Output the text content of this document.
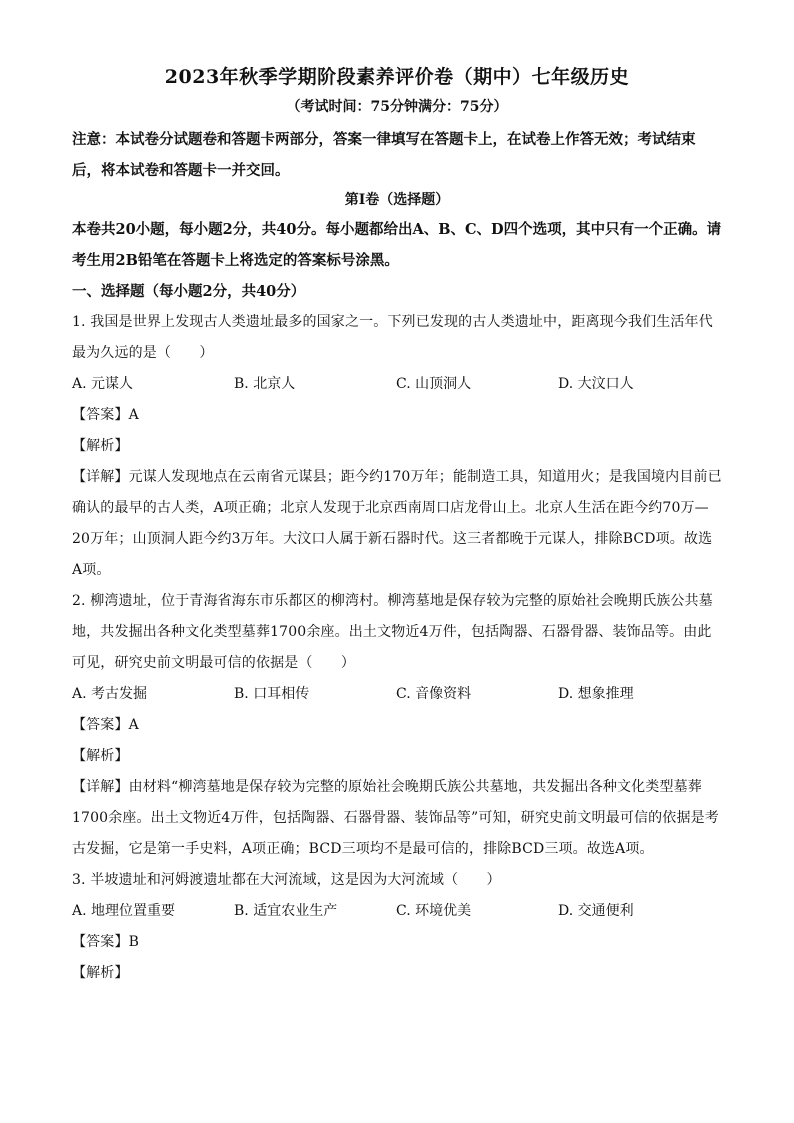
2023年秋季学期阶段素养评价卷（期中）七年级历史
（考试时间：75分钟满分：75分）

注意：本试卷分试题卷和答题卡两部分，答案一律填写在答题卡上，在试卷上作答无效；考试结束后，将本试卷和答题卡一并交回。

第Ⅰ卷（选择题）

本卷共20小题，每小题2分，共40分。每小题都给出A、B、C、D四个选项，其中只有一个正确。请考生用2B铅笔在答题卡上将选定的答案标号涂黑。

一、选择题（每小题2分，共40分）

1. 我国是世界上发现古人类遗址最多的国家之一。下列已发现的古人类遗址中，距离现今我们生活年代最为久远的是（　　）

A. 元谋人	B. 北京人	C. 山顶洞人	D. 大汶口人

【答案】A

【解析】

【详解】元谋人发现地点在云南省元谋县；距今约170万年；能制造工具，知道用火；是我国境内目前已确认的最早的古人类，A项正确；北京人发现于北京西南周口店龙骨山上。北京人生活在距今约70万—20万年；山顶洞人距今约3万年。大汶口人属于新石器时代。这三者都晚于元谋人，排除BCD项。故选A项。

2. 柳湾遗址，位于青海省海东市乐都区的柳湾村。柳湾墓地是保存较为完整的原始社会晚期氏族公共墓地，共发掘出各种文化类型墓葬1700余座。出土文物近4万件，包括陶器、石器骨器、装饰品等。由此可见，研究史前文明最可信的依据是（　　）

A. 考古发掘	B. 口耳相传	C. 音像资料	D. 想象推理

【答案】A

【解析】

【详解】由材料“柳湾墓地是保存较为完整的原始社会晚期氏族公共墓地，共发掘出各种文化类型墓葬1700余座。出土文物近4万件，包括陶器、石器骨器、装饰品等”可知，研究史前文明最可信的依据是考古发掘，它是第一手史料，A项正确；BCD三项均不是最可信的，排除BCD三项。故选A项。

3. 半坡遗址和河姆渡遗址都在大河流域，这是因为大河流域（　　）

A. 地理位置重要	B. 适宜农业生产	C. 环境优美	D. 交通便利

【答案】B

【解析】
